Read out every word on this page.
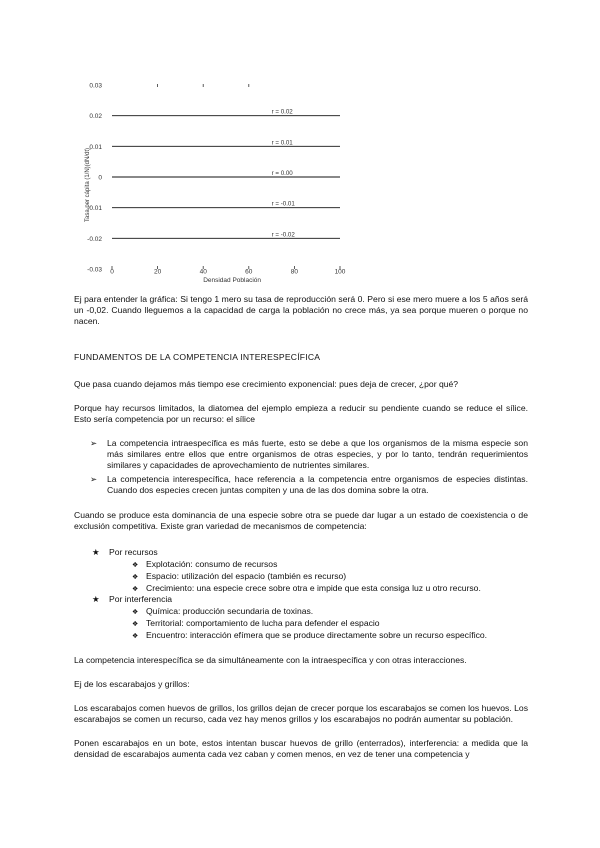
0.03
0.02
0.01
0
-0.01
-0.02
-0.03
r = 0.02
r = 0.01
r = 0.00
r = -0.01
r = -0.02
0	20	40	60	80	100
Densidad Población
Tasa per cápita (1/N)(dN/dt)
Ej para entender la gráfica: Si tengo 1 mero su tasa de reproducción será 0. Pero si ese mero muere a los 5 años será un -0,02. Cuando lleguemos a la capacidad de carga la población no crece más, ya sea porque mueren o porque no nacen.
FUNDAMENTOS DE LA COMPETENCIA INTERESPECÍFICA
Que pasa cuando dejamos más tiempo ese crecimiento exponencial: pues deja de crecer, ¿por qué?
Porque hay recursos limitados, la diatomea del ejemplo empieza a reducir su pendiente cuando se reduce el sílice. Esto sería competencia por un recurso: el sílice
➢	La competencia intraespecífica es más fuerte, esto se debe a que los organismos de la misma especie son más similares entre ellos que entre organismos de otras especies, y por lo tanto, tendrán requerimientos similares y capacidades de aprovechamiento de nutrientes similares.
➢	La competencia interespecífica, hace referencia a la competencia entre organismos de especies distintas. Cuando dos especies crecen juntas compiten y una de las dos domina sobre la otra.
Cuando se produce esta dominancia de una especie sobre otra se puede dar lugar a un estado de coexistencia o de exclusión competitiva. Existe gran variedad de mecanismos de competencia:
★ Por recursos
❖ Explotación: consumo de recursos
❖ Espacio: utilización del espacio (también es recurso)
❖ Crecimiento: una especie crece sobre otra e impide que esta consiga luz u otro recurso.
★ Por interferencia
❖ Química: producción secundaria de toxinas.
❖ Territorial: comportamiento de lucha para defender el espacio
❖ Encuentro: interacción efímera que se produce directamente sobre un recurso específico.
La competencia interespecífica se da simultáneamente con la intraespecífica y con otras interacciones.
Ej de los escarabajos y grillos:
Los escarabajos comen huevos de grillos, los grillos dejan de crecer porque los escarabajos se comen los huevos. Los escarabajos se comen un recurso, cada vez hay menos grillos y los escarabajos no podrán aumentar su población.
Ponen escarabajos en un bote, estos intentan buscar huevos de grillo (enterrados), interferencia: a medida que la densidad de escarabajos aumenta cada vez caban y comen menos, en vez de tener una competencia y
